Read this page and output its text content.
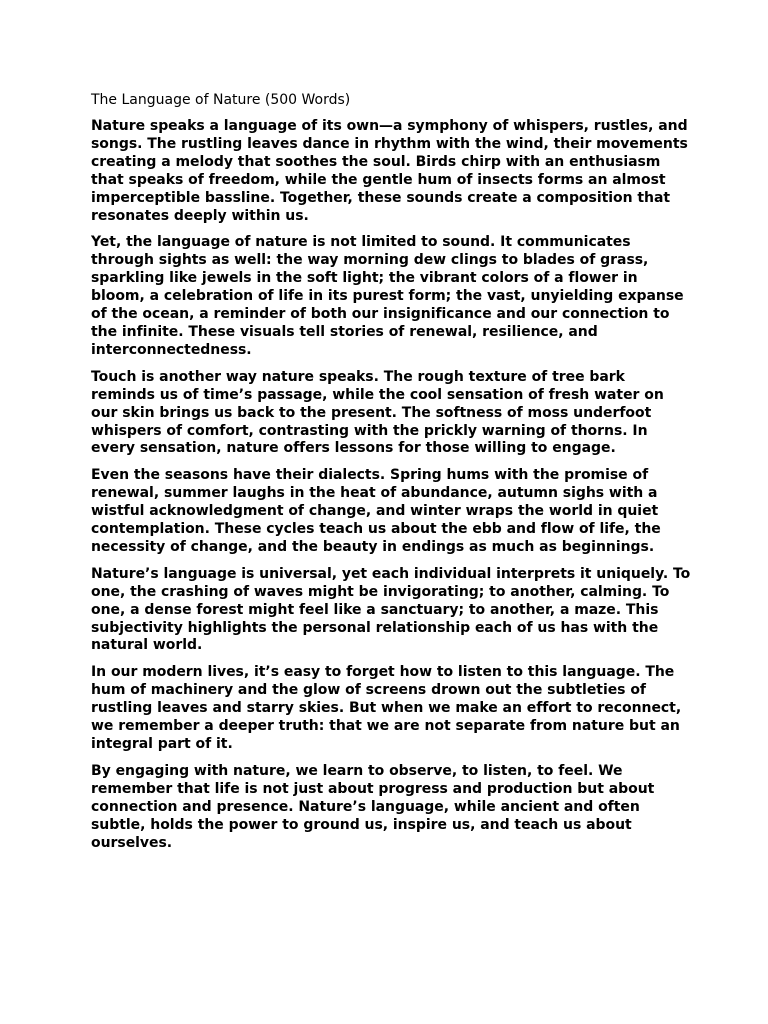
The Language of Nature (500 Words)

Nature speaks a language of its own—a symphony of whispers, rustles, and songs. The rustling leaves dance in rhythm with the wind, their movements creating a melody that soothes the soul. Birds chirp with an enthusiasm that speaks of freedom, while the gentle hum of insects forms an almost imperceptible bassline. Together, these sounds create a composition that resonates deeply within us.

Yet, the language of nature is not limited to sound. It communicates through sights as well: the way morning dew clings to blades of grass, sparkling like jewels in the soft light; the vibrant colors of a flower in bloom, a celebration of life in its purest form; the vast, unyielding expanse of the ocean, a reminder of both our insignificance and our connection to the infinite. These visuals tell stories of renewal, resilience, and interconnectedness.

Touch is another way nature speaks. The rough texture of tree bark reminds us of time’s passage, while the cool sensation of fresh water on our skin brings us back to the present. The softness of moss underfoot whispers of comfort, contrasting with the prickly warning of thorns. In every sensation, nature offers lessons for those willing to engage.

Even the seasons have their dialects. Spring hums with the promise of renewal, summer laughs in the heat of abundance, autumn sighs with a wistful acknowledgment of change, and winter wraps the world in quiet contemplation. These cycles teach us about the ebb and flow of life, the necessity of change, and the beauty in endings as much as beginnings.

Nature’s language is universal, yet each individual interprets it uniquely. To one, the crashing of waves might be invigorating; to another, calming. To one, a dense forest might feel like a sanctuary; to another, a maze. This subjectivity highlights the personal relationship each of us has with the natural world.

In our modern lives, it’s easy to forget how to listen to this language. The hum of machinery and the glow of screens drown out the subtleties of rustling leaves and starry skies. But when we make an effort to reconnect, we remember a deeper truth: that we are not separate from nature but an integral part of it.

By engaging with nature, we learn to observe, to listen, to feel. We remember that life is not just about progress and production but about connection and presence. Nature’s language, while ancient and often subtle, holds the power to ground us, inspire us, and teach us about ourselves.
